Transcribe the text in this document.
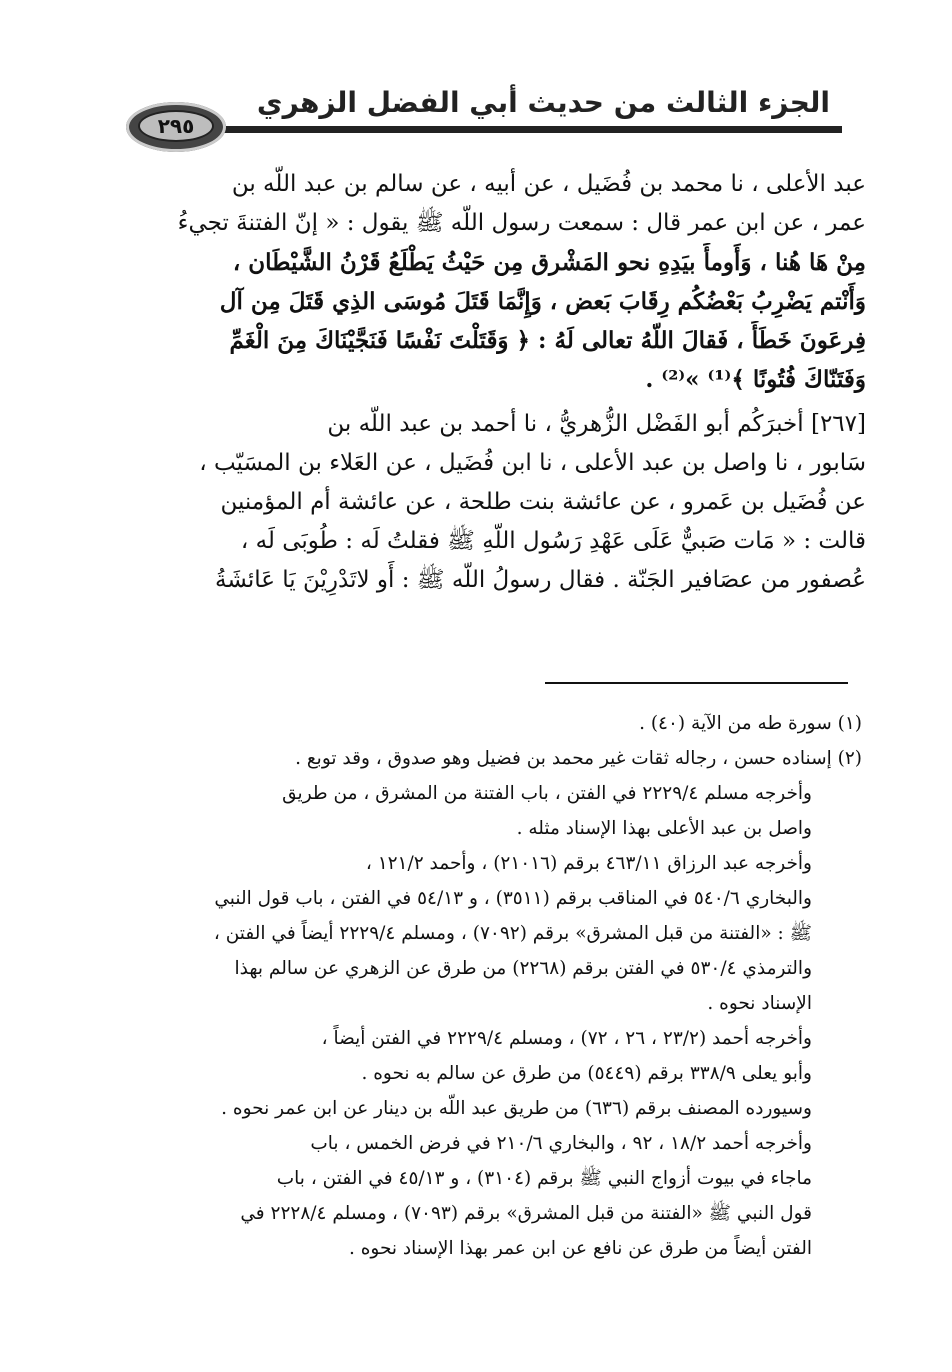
الجزء الثالث من حديث أبي الفضل الزهري
٢٩٥
عبد الأعلى ، نا محمد بن فُضَيل ، عن أبيه ، عن سالم بن عبد اللّه بن
عمر ، عن ابن عمر قال : سمعت رسول اللّه ﷺ يقول : « إنّ الفتنةَ تجيءُ
مِنْ هَا هُنا ، وَأَومأَ بيَدِهِ نحو المَشْرق مِن حَيْثُ يَطْلَعُ قَرْنُ الشَّيْطَان ،
وَأَنْتم يَضْرِبُ بَعْضُكُم رِقَابَ بَعض ، وَإِنَّمَا قَتَلَ مُوسَى الذِي قَتَلَ مِن آل
فِرعَونَ خَطَأً ، فَقالَ اللّهُ تعالى لَهُ : ﴿ وَقَتَلْتَ نَفْسًا فَنَجَّيْنَاكَ مِنَ الْغَمِّ
وَفَتَنّاكَ فُتُونًا ﴾⁽¹⁾ »⁽²⁾ .
[٢٦٧] أخبرَكُم أبو الفَضْل الزُّهريُّ ، نا أحمد بن عبد اللّه بن
سَابور ، نا واصل بن عبد الأعلى ، نا ابن فُضَيل ، عن العَلاء بن المسَيّب ،
عن فُضَيل بن عَمرو ، عن عائشة بنت طلحة ، عن عائشة أم المؤمنين
قالت : « مَات صَبيٌّ عَلَى عَهْدِ رَسُول اللّهِ ﷺ فقلتُ لَه : طُوبَى لَه ،
عُصفور من عصَافير الجَنّة . فقال رسولُ اللّه ﷺ : أَو لاتَدْرِيْنَ يَا عَائشَةُ
(١) سورة طه من الآية (٤٠) .
(٢) إسناده حسن ، رجاله ثقات غير محمد بن فضيل وهو صدوق ، وقد توبع .
وأخرجه مسلم ٢٢٢٩/٤ في الفتن ، باب الفتنة من المشرق ، من طريق
واصل بن عبد الأعلى بهذا الإسناد مثله .
وأخرجه عبد الرزاق ٤٦٣/١١ برقم (٢١٠١٦) ، وأحمد ١٢١/٢ ،
والبخاري ٥٤٠/٦ في المناقب برقم (٣٥١١) ، و ٥٤/١٣ في الفتن ، باب قول النبي
ﷺ : «الفتنة من قبل المشرق» برقم (٧٠٩٢) ، ومسلم ٢٢٢٩/٤ أيضاً في الفتن ،
والترمذي ٥٣٠/٤ في الفتن برقم (٢٢٦٨) من طرق عن الزهري عن سالم بهذا
الإسناد نحوه .
وأخرجه أحمد (٢٣/٢ ، ٢٦ ، ٧٢) ، ومسلم ٢٢٢٩/٤ في الفتن أيضاً ،
وأبو يعلى ٣٣٨/٩ برقم (٥٤٤٩) من طرق عن سالم به نحوه .
وسيورده المصنف برقم (٦٣٦) من طريق عبد اللّه بن دينار عن ابن عمر نحوه .
وأخرجه أحمد ١٨/٢ ، ٩٢ ، والبخاري ٢١٠/٦ في فرض الخمس ، باب
ماجاء في بيوت أزواج النبي ﷺ برقم (٣١٠٤) ، و ٤٥/١٣ في الفتن ، باب
قول النبي ﷺ «الفتنة من قبل المشرق» برقم (٧٠٩٣) ، ومسلم ٢٢٢٨/٤ في
الفتن أيضاً من طرق عن نافع عن ابن عمر بهذا الإسناد نحوه .
